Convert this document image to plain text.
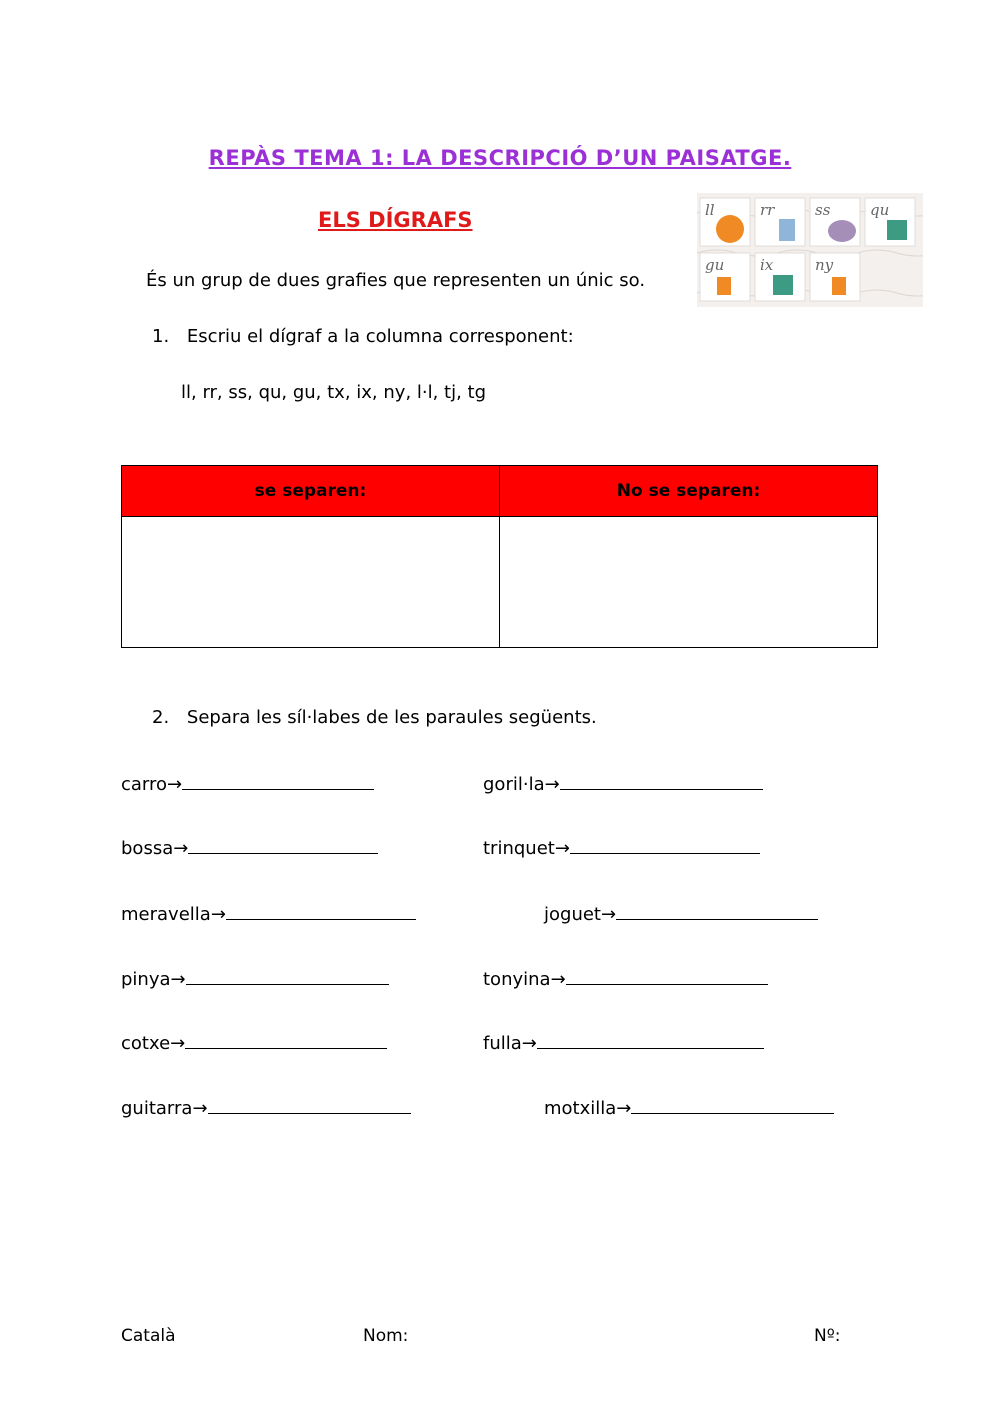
REPÀS TEMA 1: LA DESCRIPCIÓ D’UN PAISATGE.
ELS DÍGRAFS	ll	rr	ss	qu
gu ix	ny
És un grup de dues grafies que representen un únic so.
1. Escriu el dígraf a la columna corresponent:
ll, rr, ss, qu, gu, tx, ix, ny, l·l, tj, tg
se separen:	No se separen:

2. Separa les síl·labes de les paraules següents.
carro→
bossa→
meravella→
pinya→
cotxe→
guitarra→
goril·la→
trinquet→
joguet→
tonyina→
fulla→
motxilla→
Català	Nom:	Nº:
